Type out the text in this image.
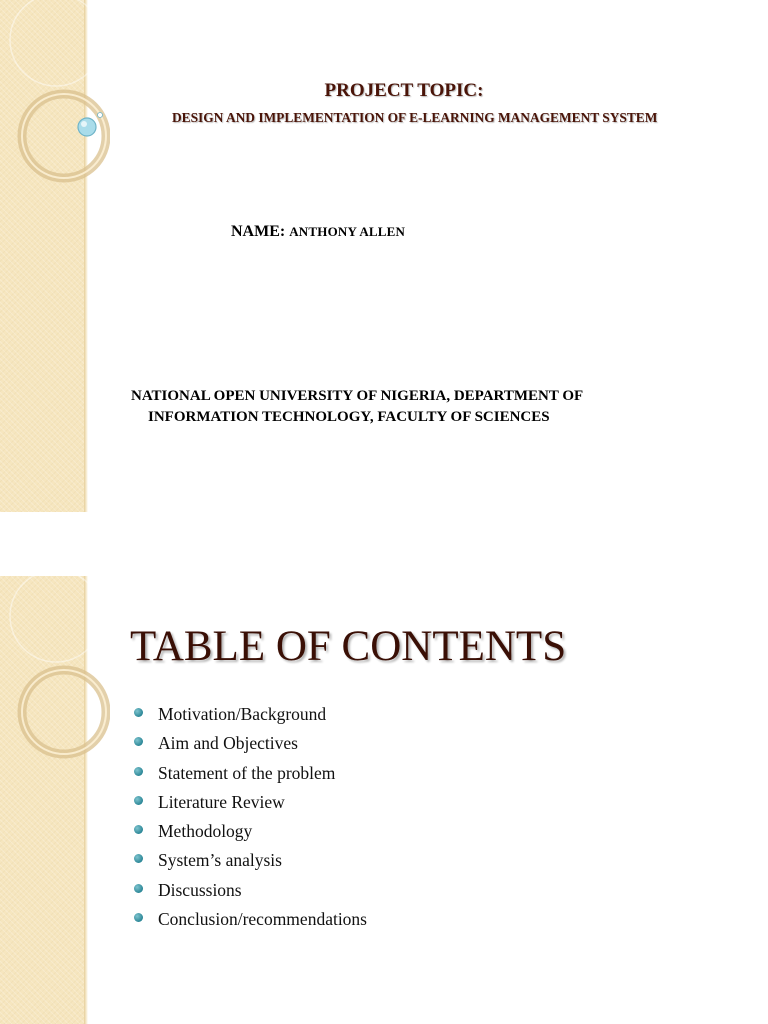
PROJECT TOPIC:

DESIGN AND IMPLEMENTATION OF E-LEARNING MANAGEMENT SYSTEM

NAME: ANTHONY ALLEN

NATIONAL OPEN UNIVERSITY OF NIGERIA, DEPARTMENT OF

INFORMATION TECHNOLOGY, FACULTY OF SCIENCES

TABLE OF CONTENTS
Motivation/Background
Aim and Objectives
Statement of the problem
Literature Review
Methodology
System’s analysis
Discussions
Conclusion/recommendations
